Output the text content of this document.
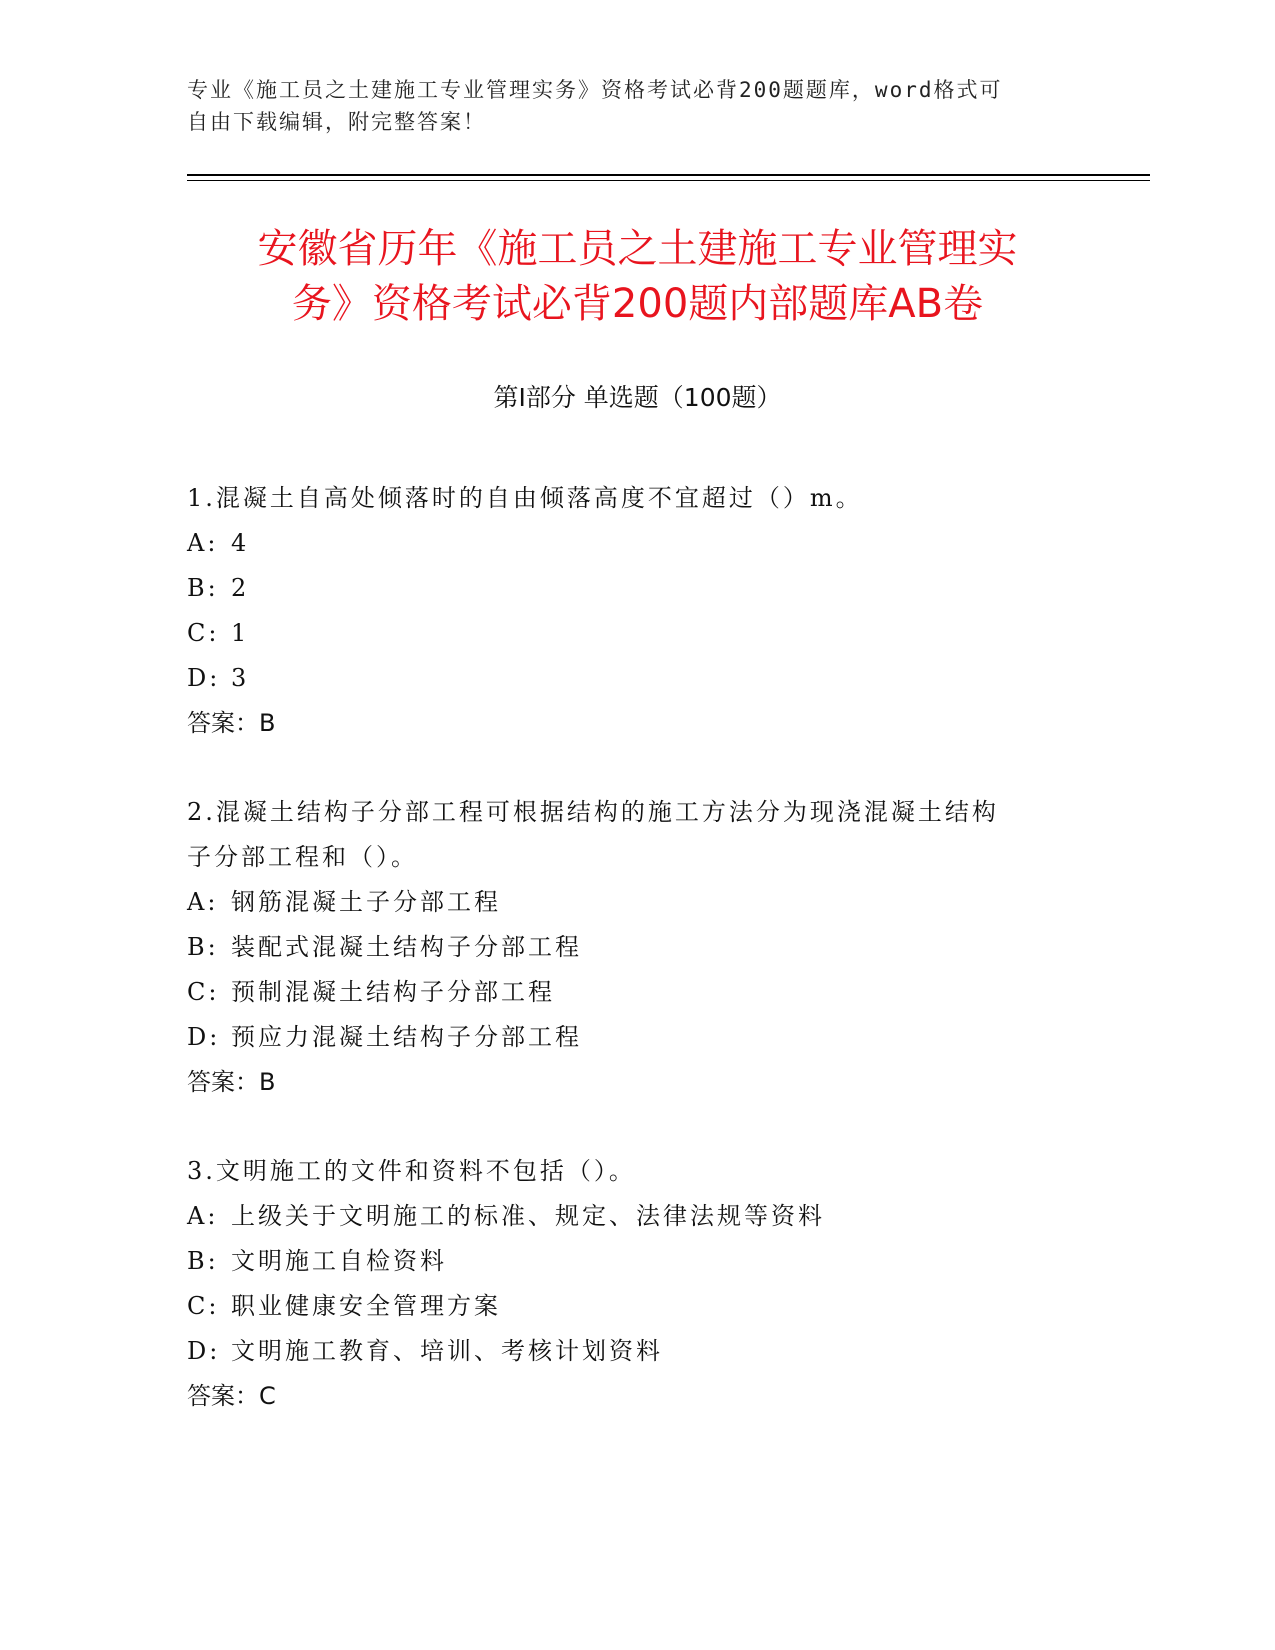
专业《施工员之土建施工专业管理实务》资格考试必背200题题库，word格式可
自由下载编辑，附完整答案！
安徽省历年《施工员之土建施工专业管理实
务》资格考试必背200题内部题库AB卷
第Ⅰ部分 单选题（100题）
1.混凝土自高处倾落时的自由倾落高度不宜超过（）m。
A: 4
B: 2
C: 1
D: 3
答案：B
2.混凝土结构子分部工程可根据结构的施工方法分为现浇混凝土结构
子分部工程和（）。
A: 钢筋混凝土子分部工程
B: 装配式混凝土结构子分部工程
C: 预制混凝土结构子分部工程
D: 预应力混凝土结构子分部工程
答案：B
3.文明施工的文件和资料不包括（）。
A: 上级关于文明施工的标准、规定、法律法规等资料
B: 文明施工自检资料
C: 职业健康安全管理方案
D: 文明施工教育、培训、考核计划资料
答案：C
